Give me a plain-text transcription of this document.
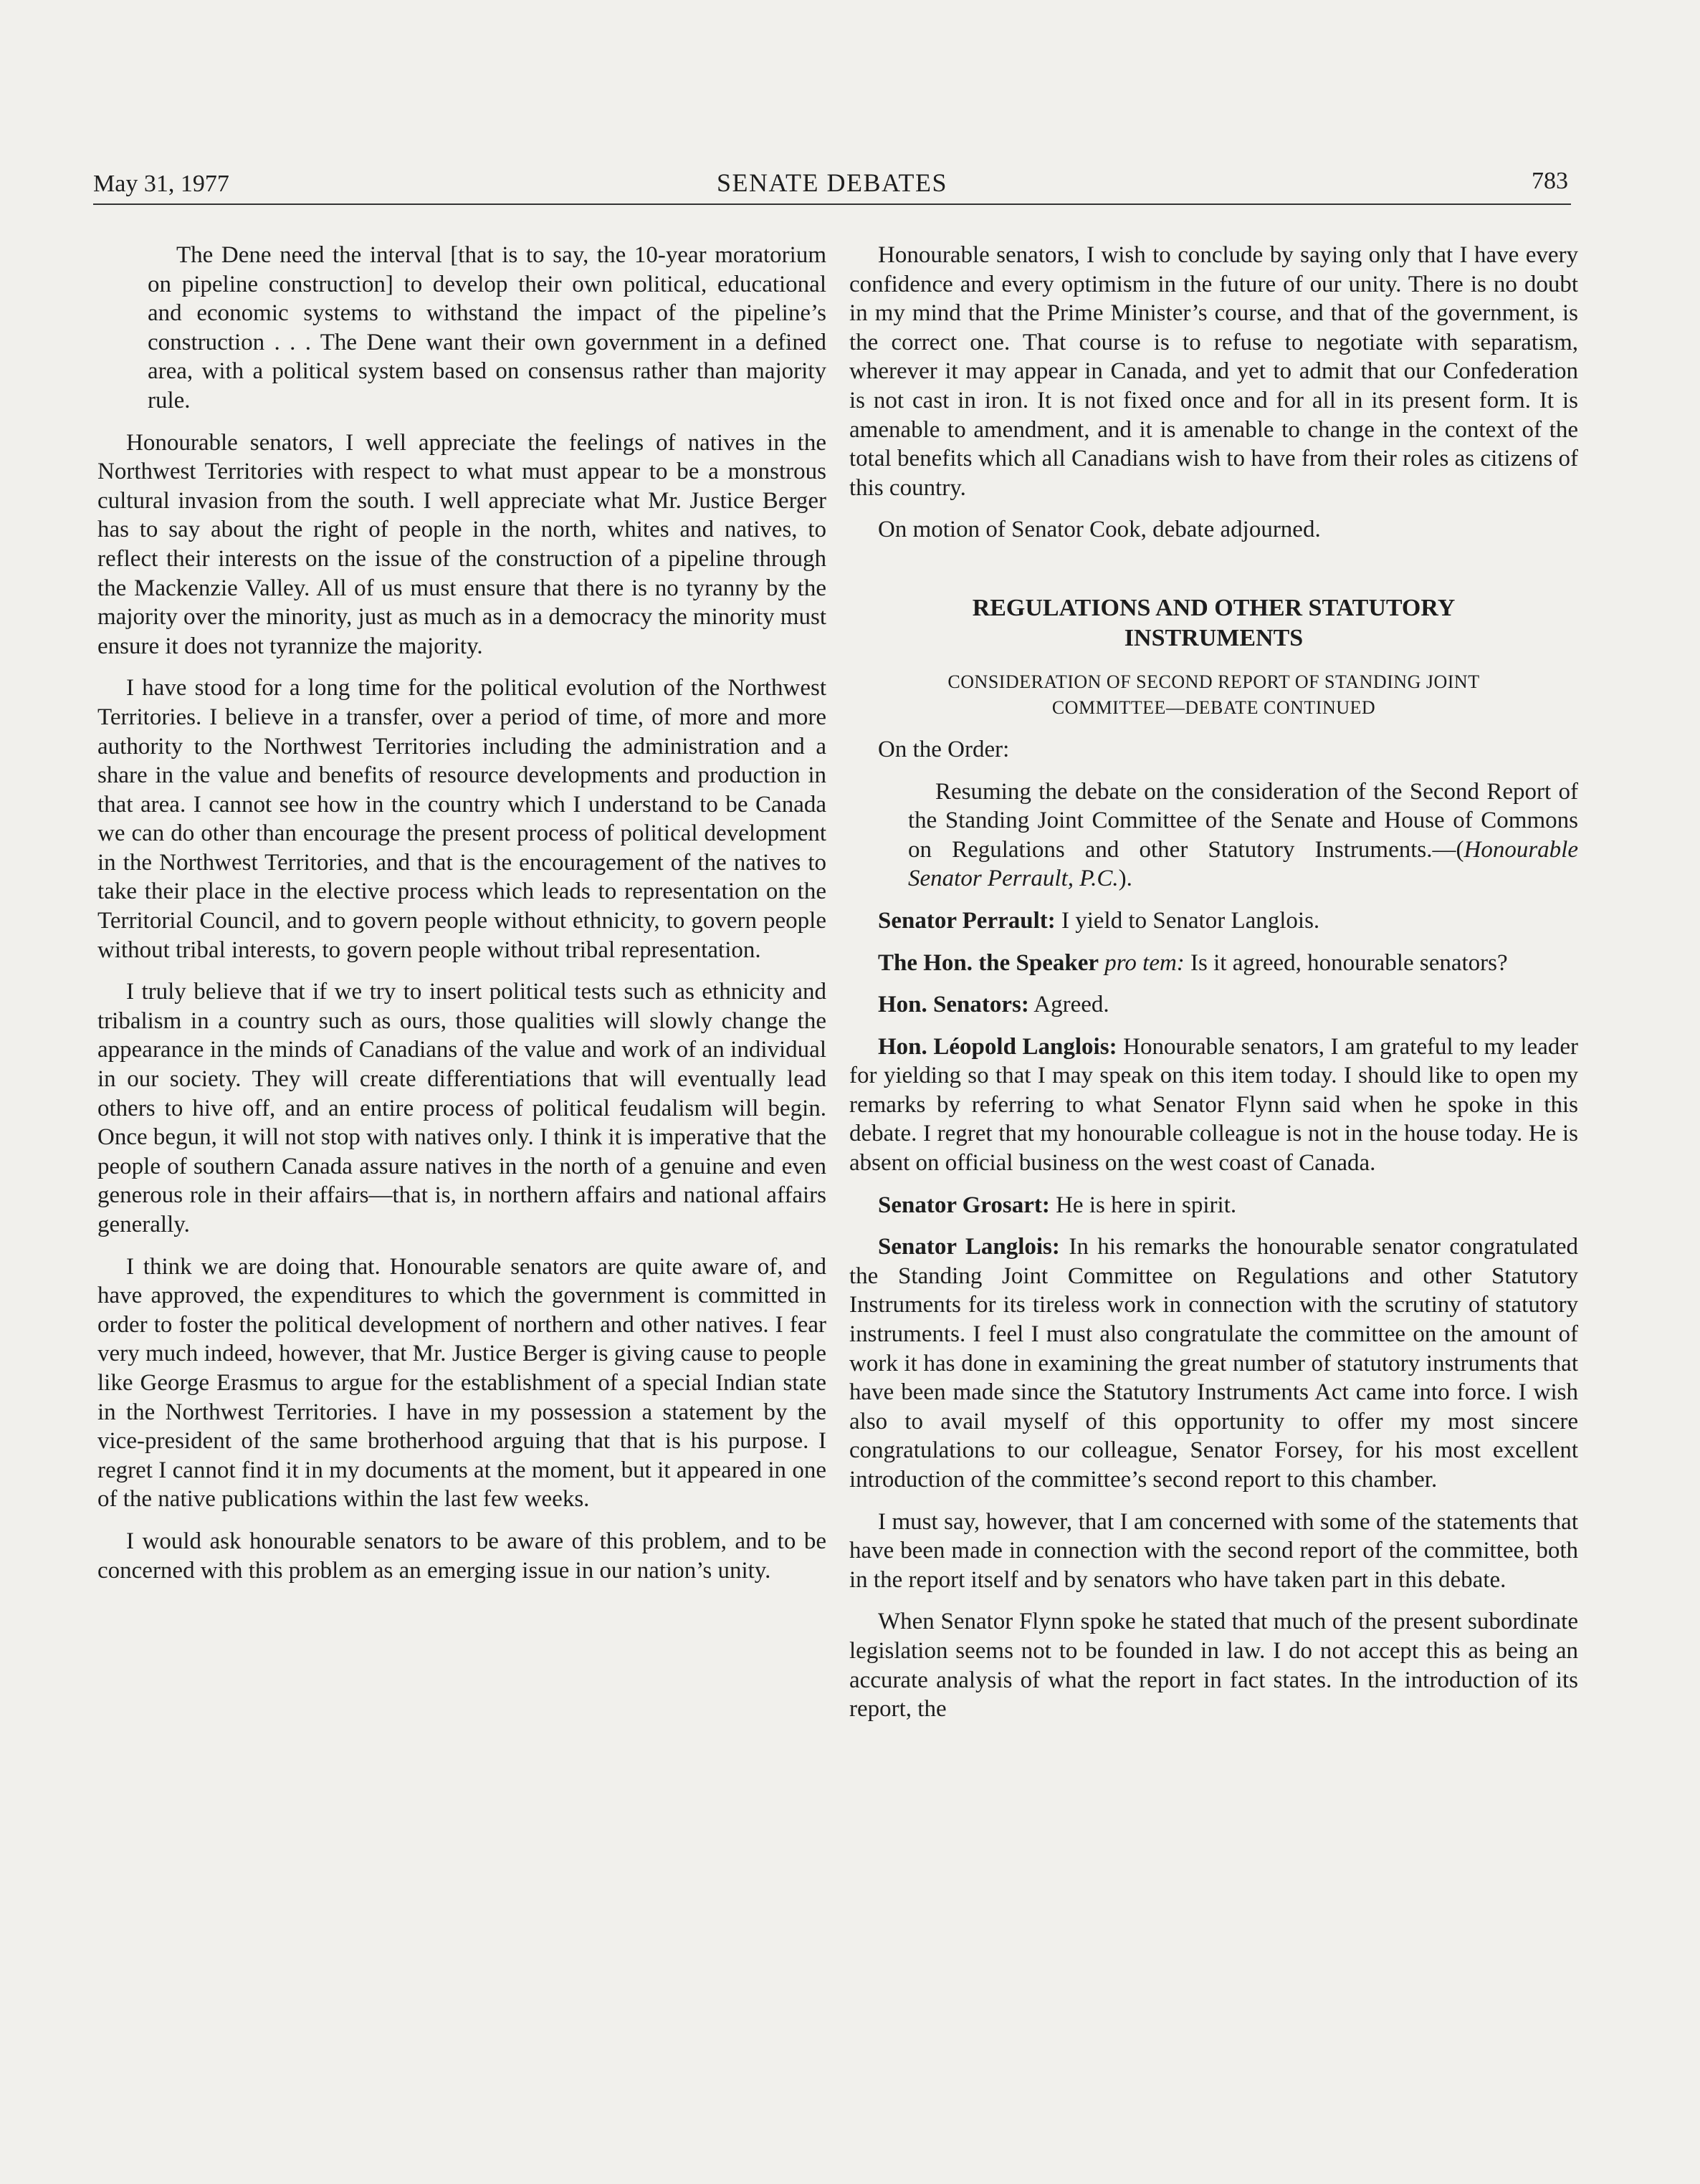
May 31, 1977	SENATE DEBATES	783

The Dene need the interval [that is to say, the 10-year moratorium on pipeline construction] to develop their own political, educational and economic systems to withstand the impact of the pipeline’s construction . . . The Dene want their own government in a defined area, with a political system based on consensus rather than majority rule.

Honourable senators, I well appreciate the feelings of natives in the Northwest Territories with respect to what must appear to be a monstrous cultural invasion from the south. I well appreciate what Mr. Justice Berger has to say about the right of people in the north, whites and natives, to reflect their interests on the issue of the construction of a pipeline through the Mackenzie Valley. All of us must ensure that there is no tyranny by the majority over the minority, just as much as in a democracy the minority must ensure it does not tyrannize the majority.

I have stood for a long time for the political evolution of the Northwest Territories. I believe in a transfer, over a period of time, of more and more authority to the Northwest Territories including the administration and a share in the value and benefits of resource developments and production in that area. I cannot see how in the country which I understand to be Canada we can do other than encourage the present process of political development in the Northwest Territories, and that is the encouragement of the natives to take their place in the elective process which leads to representation on the Territorial Council, and to govern people without ethnicity, to govern people without tribal interests, to govern people without tribal representation.

I truly believe that if we try to insert political tests such as ethnicity and tribalism in a country such as ours, those qualities will slowly change the appearance in the minds of Canadians of the value and work of an individual in our society. They will create differentiations that will eventually lead others to hive off, and an entire process of political feudalism will begin. Once begun, it will not stop with natives only. I think it is imperative that the people of southern Canada assure natives in the north of a genuine and even generous role in their affairs—that is, in northern affairs and national affairs generally.

I think we are doing that. Honourable senators are quite aware of, and have approved, the expenditures to which the government is committed in order to foster the political development of northern and other natives. I fear very much indeed, however, that Mr. Justice Berger is giving cause to people like George Erasmus to argue for the establishment of a special Indian state in the Northwest Territories. I have in my possession a statement by the vice-president of the same brotherhood arguing that that is his purpose. I regret I cannot find it in my documents at the moment, but it appeared in one of the native publications within the last few weeks.

I would ask honourable senators to be aware of this problem, and to be concerned with this problem as an emerging issue in our nation’s unity.

Honourable senators, I wish to conclude by saying only that I have every confidence and every optimism in the future of our unity. There is no doubt in my mind that the Prime Minister’s course, and that of the government, is the correct one. That course is to refuse to negotiate with separatism, wherever it may appear in Canada, and yet to admit that our Confederation is not cast in iron. It is not fixed once and for all in its present form. It is amenable to amendment, and it is amenable to change in the context of the total benefits which all Canadians wish to have from their roles as citizens of this country.

On motion of Senator Cook, debate adjourned.

REGULATIONS AND OTHER STATUTORY
INSTRUMENTS
CONSIDERATION OF SECOND REPORT OF STANDING JOINT
COMMITTEE—DEBATE CONTINUED

On the Order:

Resuming the debate on the consideration of the Second Report of the Standing Joint Committee of the Senate and House of Commons on Regulations and other Statutory Instruments.—(Honourable Senator Perrault, P.C.).

Senator Perrault: I yield to Senator Langlois.

The Hon. the Speaker pro tem: Is it agreed, honourable senators?

Hon. Senators: Agreed.

Hon. Léopold Langlois: Honourable senators, I am grateful to my leader for yielding so that I may speak on this item today. I should like to open my remarks by referring to what Senator Flynn said when he spoke in this debate. I regret that my honourable colleague is not in the house today. He is absent on official business on the west coast of Canada.

Senator Grosart: He is here in spirit.

Senator Langlois: In his remarks the honourable senator congratulated the Standing Joint Committee on Regulations and other Statutory Instruments for its tireless work in connection with the scrutiny of statutory instruments. I feel I must also congratulate the committee on the amount of work it has done in examining the great number of statutory instruments that have been made since the Statutory Instruments Act came into force. I wish also to avail myself of this opportunity to offer my most sincere congratulations to our colleague, Senator Forsey, for his most excellent introduction of the committee’s second report to this chamber.

I must say, however, that I am concerned with some of the statements that have been made in connection with the second report of the committee, both in the report itself and by senators who have taken part in this debate.

When Senator Flynn spoke he stated that much of the present subordinate legislation seems not to be founded in law. I do not accept this as being an accurate analysis of what the report in fact states. In the introduction of its report, the
